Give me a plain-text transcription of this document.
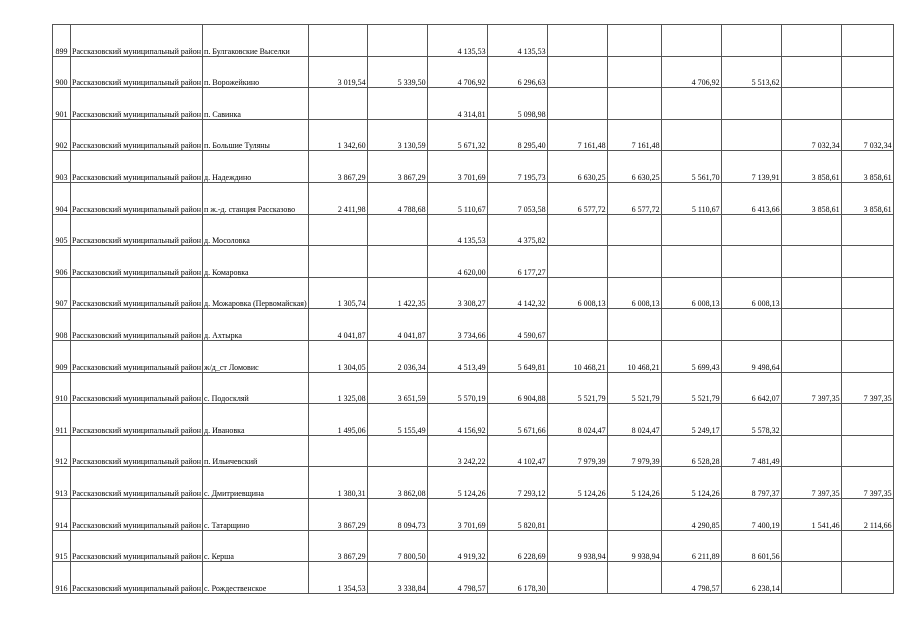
899	Рассказовский муниципальный район	п. Булгаковские Выселки			4 135,53	4 135,53						
900	Рассказовский муниципальный район	п. Ворожейкино	3 019,54	5 339,50	4 706,92	6 296,63			4 706,92	5 513,62		
901	Рассказовский муниципальный район	п. Савинка			4 314,81	5 098,98						
902	Рассказовский муниципальный район	п. Большие Туляны	1 342,60	3 130,59	5 671,32	8 295,40	7 161,48	7 161,48			7 032,34	7 032,34
903	Рассказовский муниципальный район	д. Надеждино	3 867,29	3 867,29	3 701,69	7 195,73	6 630,25	6 630,25	5 561,70	7 139,91	3 858,61	3 858,61
904	Рассказовский муниципальный район	п ж.-д. станция Рассказово	2 411,98	4 788,68	5 110,67	7 053,58	6 577,72	6 577,72	5 110,67	6 413,66	3 858,61	3 858,61
905	Рассказовский муниципальный район	д. Мосоловка			4 135,53	4 375,82						
906	Рассказовский муниципальный район	д. Комаровка			4 620,00	6 177,27						
907	Рассказовский муниципальный район	д. Можаровка (Первомайская)	1 305,74	1 422,35	3 308,27	4 142,32	6 008,13	6 008,13	6 008,13	6 008,13		
908	Рассказовский муниципальный район	д. Ахтырка	4 041,87	4 041,87	3 734,66	4 590,67						
909	Рассказовский муниципальный район	ж/д_ст Ломовис	1 304,05	2 036,34	4 513,49	5 649,81	10 468,21	10 468,21	5 699,43	9 498,64		
910	Рассказовский муниципальный район	с. Подоскляй	1 325,08	3 651,59	5 570,19	6 904,88	5 521,79	5 521,79	5 521,79	6 642,07	7 397,35	7 397,35
911	Рассказовский муниципальный район	д. Ивановка	1 495,06	5 155,49	4 156,92	5 671,66	8 024,47	8 024,47	5 249,17	5 578,32		
912	Рассказовский муниципальный район	п. Ильичевский			3 242,22	4 102,47	7 979,39	7 979,39	6 528,28	7 481,49		
913	Рассказовский муниципальный район	с. Дмитриевщина	1 380,31	3 862,08	5 124,26	7 293,12	5 124,26	5 124,26	5 124,26	8 797,37	7 397,35	7 397,35
914	Рассказовский муниципальный район	с. Татарщино	3 867,29	8 094,73	3 701,69	5 820,81			4 290,85	7 400,19	1 541,46	2 114,66
915	Рассказовский муниципальный район	с. Керша	3 867,29	7 800,50	4 919,32	6 228,69	9 938,94	9 938,94	6 211,89	8 601,56		
916	Рассказовский муниципальный район	с. Рождественское	1 354,53	3 338,84	4 798,57	6 178,30			4 798,57	6 238,14		
